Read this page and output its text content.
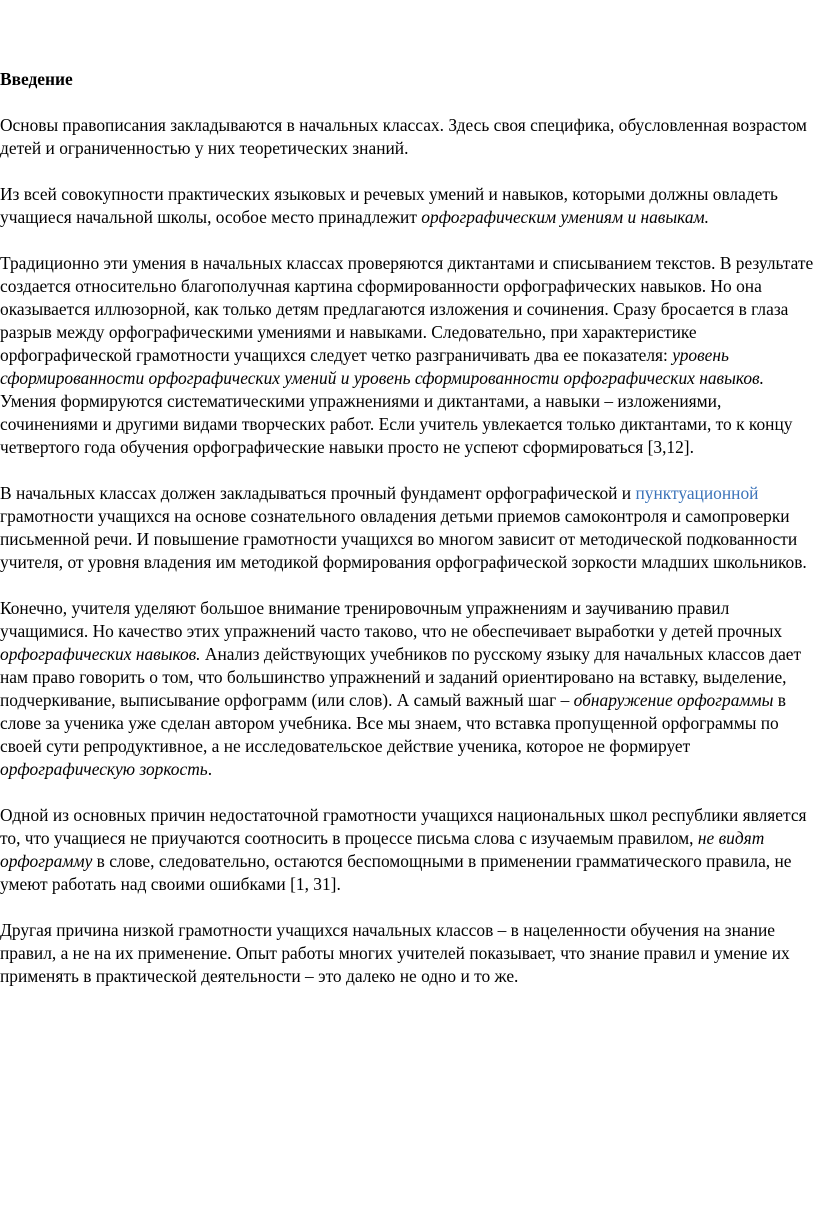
Введение

Основы правописания закладываются в начальных классах. Здесь своя специфика, обусловленная возрастом детей и ограниченностью у них теоретических знаний.

Из всей совокупности практических языковых и речевых умений и навыков, которыми должны овладеть учащиеся начальной школы, особое место принадлежит орфографическим умениям и навыкам.

Традиционно эти умения в начальных классах проверяются диктантами и списыванием текстов. В результате создается относительно благополучная картина сформированности орфографических навыков. Но она оказывается иллюзорной, как только детям предлагаются изложения и сочинения. Сразу бросается в глаза разрыв между орфографическими умениями и навыками. Следовательно, при характеристике орфографической грамотности учащихся следует четко разграничивать два ее показателя: уровень сформированности орфографических умений и уровень сформированности орфографических навыков. Умения формируются систематическими упражнениями и диктантами, а навыки – изложениями, сочинениями и другими видами творческих работ. Если учитель увлекается только диктантами, то к концу четвертого года обучения орфографические навыки просто не успеют сформироваться [3,12].

В начальных классах должен закладываться прочный фундамент орфографической и пунктуационной грамотности учащихся на основе сознательного овладения детьми приемов самоконтроля и самопроверки письменной речи. И повышение грамотности учащихся во многом зависит от методической подкованности учителя, от уровня владения им методикой формирования орфографической зоркости младших школьников.

Конечно, учителя уделяют большое внимание тренировочным упражнениям и заучиванию правил учащимися. Но качество этих упражнений часто таково, что не обеспечивает выработки у детей прочных орфографических навыков. Анализ действующих учебников по русскому языку для начальных классов дает нам право говорить о том, что большинство упражнений и заданий ориентировано на вставку, выделение, подчеркивание, выписывание орфограмм (или слов). А самый важный шаг – обнаружение орфограммы в слове за ученика уже сделан автором учебника. Все мы знаем, что вставка пропущенной орфограммы по своей сути репродуктивное, а не исследовательское действие ученика, которое не формирует орфографическую зоркость.

Одной из основных причин недостаточной грамотности учащихся национальных школ республики является то, что учащиеся не приучаются соотносить в процессе письма слова с изучаемым правилом, не видят орфограмму в слове, следовательно, остаются беспомощными в применении грамматического правила, не умеют работать над своими ошибками [1, 31].

Другая причина низкой грамотности учащихся начальных классов – в нацеленности обучения на знание правил, а не на их применение. Опыт работы многих учителей показывает, что знание правил и умение их применять в практической деятельности – это далеко не одно и то же.
